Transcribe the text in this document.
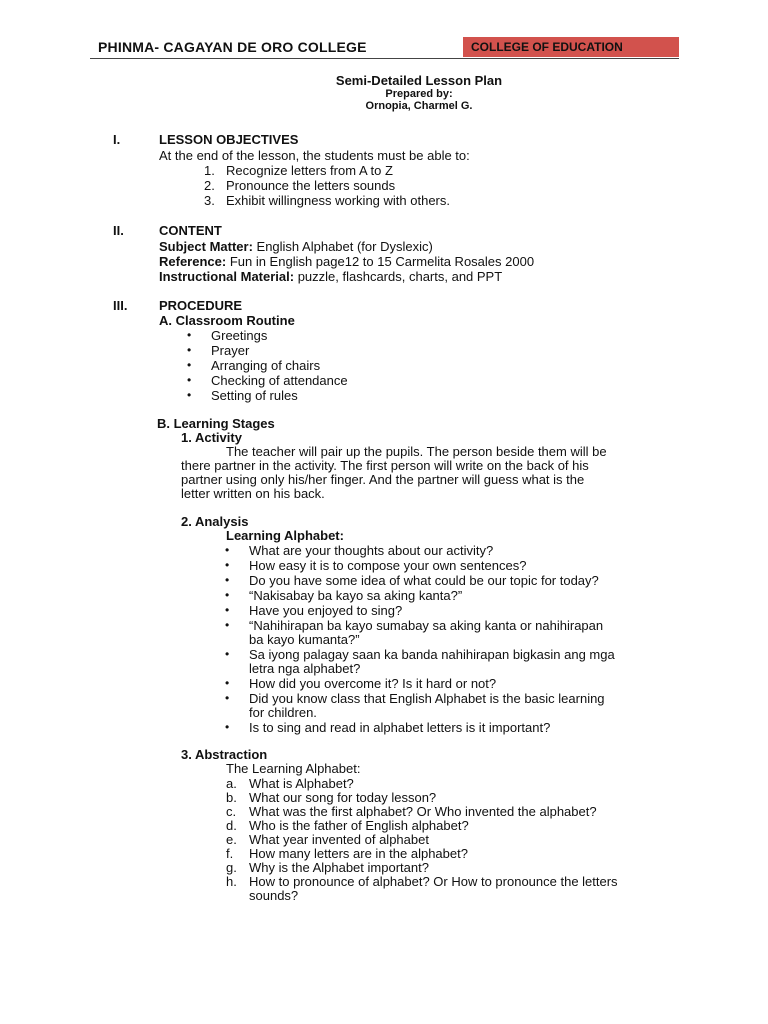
PHINMA- CAGAYAN DE ORO COLLEGE	COLLEGE OF EDUCATION
Semi-Detailed Lesson Plan
Prepared by:
Ornopia, Charmel G.
I.	LESSON OBJECTIVES
At the end of the lesson, the students must be able to:
1. Recognize letters from A to Z
2. Pronounce the letters sounds
3. Exhibit willingness working with others.
II.	CONTENT
Subject Matter: English Alphabet (for Dyslexic)
Reference: Fun in English page12 to 15 Carmelita Rosales 2000
Instructional Material: puzzle, flashcards, charts, and PPT
III. PROCEDURE
A. Classroom Routine
• Greetings
• Prayer
• Arranging of chairs
• Checking of attendance
• Setting of rules
B. Learning Stages
1. Activity
The teacher will pair up the pupils. The person beside them will be
there partner in the activity. The first person will write on the back of his
partner using only his/her finger. And the partner will guess what is the
letter written on his back.
2. Analysis
Learning Alphabet:
• What are your thoughts about our activity?
• How easy it is to compose your own sentences?
• Do you have some idea of what could be our topic for today?
• “Nakisabay ba kayo sa aking kanta?”
• Have you enjoyed to sing?
• “Nahihirapan ba kayo sumabay sa aking kanta or nahihirapan
ba kayo kumanta?”
• Sa iyong palagay saan ka banda nahihirapan bigkasin ang mga
letra nga alphabet?
• How did you overcome it? Is it hard or not?
• Did you know class that English Alphabet is the basic learning
for children.
• Is to sing and read in alphabet letters is it important?
3. Abstraction
The Learning Alphabet:
a. What is Alphabet?
b. What our song for today lesson?
c. What was the first alphabet? Or Who invented the alphabet?
d. Who is the father of English alphabet?
e. What year invented of alphabet
f. How many letters are in the alphabet?
g. Why is the Alphabet important?
h. How to pronounce of alphabet? Or How to pronounce the letters
sounds?
